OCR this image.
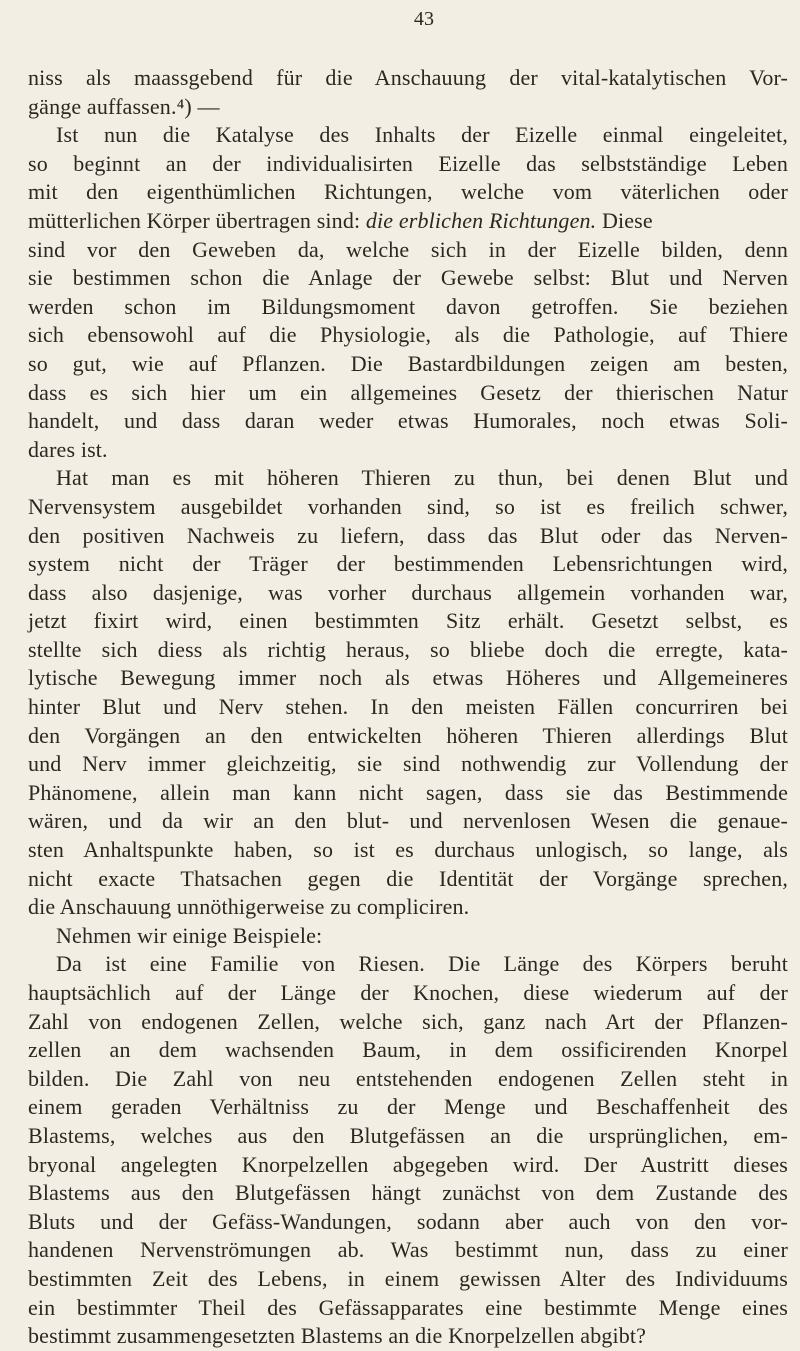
43
niss als maassgebend für die Anschauung der vital-katalytischen Vor-
gänge auffassen.⁴) —
Ist nun die Katalyse des Inhalts der Eizelle einmal eingeleitet,
so beginnt an der individualisirten Eizelle das selbstständige Leben
mit den eigenthümlichen Richtungen, welche vom väterlichen oder
mütterlichen Körper übertragen sind: die erblichen Richtungen. Diese
sind vor den Geweben da, welche sich in der Eizelle bilden, denn
sie bestimmen schon die Anlage der Gewebe selbst: Blut und Nerven
werden schon im Bildungsmoment davon getroffen. Sie beziehen
sich ebensowohl auf die Physiologie, als die Pathologie, auf Thiere
so gut, wie auf Pflanzen. Die Bastardbildungen zeigen am besten,
dass es sich hier um ein allgemeines Gesetz der thierischen Natur
handelt, und dass daran weder etwas Humorales, noch etwas Soli-
dares ist.
Hat man es mit höheren Thieren zu thun, bei denen Blut und
Nervensystem ausgebildet vorhanden sind, so ist es freilich schwer,
den positiven Nachweis zu liefern, dass das Blut oder das Nerven-
system nicht der Träger der bestimmenden Lebensrichtungen wird,
dass also dasjenige, was vorher durchaus allgemein vorhanden war,
jetzt fixirt wird, einen bestimmten Sitz erhält. Gesetzt selbst, es
stellte sich diess als richtig heraus, so bliebe doch die erregte, kata-
lytische Bewegung immer noch als etwas Höheres und Allgemeineres
hinter Blut und Nerv stehen. In den meisten Fällen concurriren bei
den Vorgängen an den entwickelten höheren Thieren allerdings Blut
und Nerv immer gleichzeitig, sie sind nothwendig zur Vollendung der
Phänomene, allein man kann nicht sagen, dass sie das Bestimmende
wären, und da wir an den blut- und nervenlosen Wesen die genaue-
sten Anhaltspunkte haben, so ist es durchaus unlogisch, so lange, als
nicht exacte Thatsachen gegen die Identität der Vorgänge sprechen,
die Anschauung unnöthigerweise zu compliciren.
Nehmen wir einige Beispiele:
Da ist eine Familie von Riesen. Die Länge des Körpers beruht
hauptsächlich auf der Länge der Knochen, diese wiederum auf der
Zahl von endogenen Zellen, welche sich, ganz nach Art der Pflanzen-
zellen an dem wachsenden Baum, in dem ossificirenden Knorpel
bilden. Die Zahl von neu entstehenden endogenen Zellen steht in
einem geraden Verhältniss zu der Menge und Beschaffenheit des
Blastems, welches aus den Blutgefässen an die ursprünglichen, em-
bryonal angelegten Knorpelzellen abgegeben wird. Der Austritt dieses
Blastems aus den Blutgefässen hängt zunächst von dem Zustande des
Bluts und der Gefäss-Wandungen, sodann aber auch von den vor-
handenen Nervenströmungen ab. Was bestimmt nun, dass zu einer
bestimmten Zeit des Lebens, in einem gewissen Alter des Individuums
ein bestimmter Theil des Gefässapparates eine bestimmte Menge eines
bestimmt zusammengesetzten Blastems an die Knorpelzellen abgibt?
